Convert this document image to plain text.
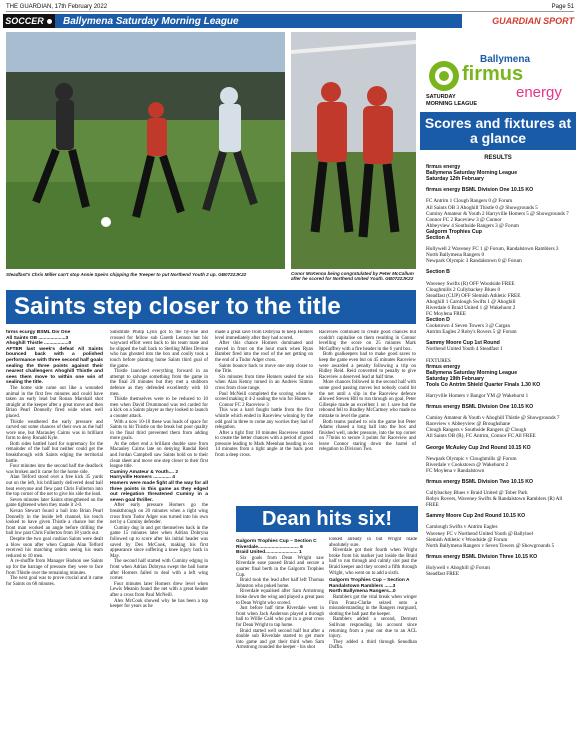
THE GUARDIAN, 17th February 2022	Page 51
SOCCER	Ballymena Saturday Morning League	GUARDIAN SPORT
Steadfast's Chris Miller can't stop Annie Speirs chipping the 'Keeper to put Northend Youth 2 up. GB0722JK22	Conor McKenna being congratulated by Peter McCallum after he scored for Northend United Youth. GB0722JK22
Saints step closer to the title

firms ecurgy BSML Div One

All Saints OB ....................3

Ahoghill Thistle ..................0

AFTER last week's defeat All Saints bounced back with a polished performance with three second half goals sealing the three points against their nearest challengers Ahoghill Thistle and sees them move to within one win of sealing the title.

The home side came out like a wounded animal in the first few minutes and could have taken an early lead but Ronan Marshall shot straight at the keeper after a great move and then Brian Pearl Donnelly fired wide when well placed.

Thistle weathered the early pressure and carved out some chances of their own as the half wore one, but Macauley Cairns was in brilliant form to deny Ronald Kyle.

Both sides battled hard for supremacy for the remainder of the half but neither could get the breakthrough with Saints edging the territorial battle.

Four minutes into the second half the deadlock was broken and it came for the home side.

Alan Telford stood over a free kick 35 yards out on the left, his brilliantly delivered dead ball beat everyone and flew past Chris Fullerton into the top corner of the net to give his side the lead.

Seven minutes later Saints strengthened on the game tightened when they made it 2-0.

Kevan Stewart found a ball into Brian Pearl Donnelly in the inside left channel, his touch looked to have given Thistle a chance but the front man worked an angle before drilling the ball low past Chris Fullerton from 18 yards out.

Despite the two goal cushion Saints were dealt a blow soon after when Captain Alan Telford received his marching orders seeing his team reduced to 10 men.

A re-shuffle from Manager Hodson see Saints up for the barrage of pressure they were to face from Thistle over the remaining minutes.

The next goal was to prove crucial and it came for Saints on 68 minutes.

Substitute Philip Lynn got to the by-line and crossed for fellow sub Gareth Lennon but his wayward effort went back to his team mate and he slipped the ball back to Sterling Miles Devine who has ghosted into the box and coolly took a touch before planting home Saints third goal of the game.

Thistle launched everything forward in an attempt to salvage something from the game in the final 20 minutes but they met a stubborn defence as they defended excellently with 10 men.

Thistle themselves were to be reduced to 10 men when David Drummond was red carded for a kick on a Saints player as they looked to launch a counter attack.

With a now 10-10 these was loads of space for Saints to hit Thistle on the break but poor quality in the final third prevented them from adding more goals.

At the other end a brilliant double save from Macauley Cairns late on denying Randal Reid and Jordan Campbell saw Saints hold on to their clean sheet and move one step closer to their first league title.

Cuminy Amateur & Youth.... 2

Harryville Homers ............. 4

Homers were made fight all the way for all three points in this game as they edged out relegation threatened Cuminy in a seven goal thriller.

After early pressure Homers go the breakthrough on 20 minutes when a right wing cross from Tudor Adger was turned into his own net by a Cuminy defender.

Cuminy dug in and got themselves back in the game 15 minutes later when Adrian Dobryna followed up to score after his initial header was saved by Dex McCook, making his first appearance since suffering a knee injury back in May.

The second half started with Cuminy edging in front when Adrian Dobryna swept the ball home after Homers failed to deal with a left wing corner.

Four minutes later Homers drew level when Lewis Meanin found the net with a great header after a cross from Paul McNeill.

Alex McCook showed why he has been a top keeper for years as he

made a great save from Dobryna to keep Homers level immediately after they had scored.

After this chance Homers dominated and moved in front on the hour mark when Ryan Bamber fired into the roof of the net getting on the end of a Tudor Adger cross.

Saints bounce back to move one step closer to the Title.

Six minutes from time Homers sealed the win when Alan Kenny turned in an Andrew Simms cross from close range.

Paul McNeill completed the scoring when he scored making it 4-2 sealing the win for Homers.

Connor FC 2 Raceview 3

This was a hard fought battle from the first whistle which ended in Raceview winning by the odd goal in three to come any worries they had of relegation.

After a tight first 10 minutes Raceview started to create the better chances with a period of good pressure leading to Mark Meenhan heading in on 14 minutes from a tight angle at the back post from a deep cross.

Raceview continued to create good chances but couldn't capitalise on them resulting in Connor levelling the score on 25 minutes Mark McGaffrey with a fire header in the 6 yard box.

Both goalkeepers had to make good saves to keep the game even but on 45 minutes Raceview were awarded a penalty following a trip on Ridley Reid. Reid converted to penalty to give Raceview a deserved lead at half time.

More chances followed in the second half with some good passing moves but nobody could hit the net until a slip in the Raceview defence allowed Steven Hill to run through on goal, Peter Gillespie made an excellent 1 on 1 save but the rebound fell to Bradley McCartney who made no mistake to level the game.

Both teams pushed to win the game but Peter Adams chased a long ball into the box and finished well, under pressure, into the top corner on 77mins to secure 3 points for Raceview and leave Connor staring down the barrel of relegation to Division Two.

Dean hits six!

Galgorm Trophies Cup – Section C

Riverdale.............................. 6

Braid United........................ 1

Six goals from Dean Wright saw Riverdale ease passed Braid and secure a quarter final berth in the Galgorm Trophies Cup.

Braid took the lead after half left Thomas Johnston who poked home.

Riverdale equalised after Sam Armstrong broke down the wing and played a great pass to Dean Wright who scored.

Just before half time Riverdale went in front when Jack Anderson played a through ball to Willie Cald who put in a great cross for Dean Wright to tap home.

Braid started well second half but after a double sub Riverdale started to get more into game and got their third when Sam Armstrong rounded the keeper - his shot

looked already in but Wright made absolutely sure.

Riverdale got their fourth when Wright broke from his marker just inside the Braid half to run through and calmly slot past the Braid keeper and they scored a fifth through Wright, who went on to add a sixth.

Galgorm Trophies Cup – Section A

Randalstown Ramblers ......3

North Ballymena Rangers...0

Ramblers got the vital break when winger Finn Franz-Clarke seized onto a misunderstanding in the Rangers rearguard, slotting the ball past the keeper.

Ramblers added a second, Dermott Sullivan responding his account since returning from a year out due to an ACL injury.

They added a third through Senudhan Duffin.

Ballymena
firmus
energy
SATURDAY
MORNING LEAGUE
Scores and fixtures at a glance
RESULTS
firmus energy
Ballymena Saturday Morning League
Saturday 12th February
firmus energy BSML Division One 10.15 KO
FC Antrim 1 Clough Rangers 0 @ Forum
All Saints OB 3 Ahoghill Thistle 0 @ Showgrounds 5
Cuminy Amateur & Youth 2 Harryville Homers 5 @ Showgrounds 7
Connor FC 2 Raceview 3 @ Connor
Abbeyview 4 Southside Rangers 3 @ Forum
Galgorm Trophies Cup
Section A
Hollywell 2 Waveney FC 1 @ Forum, Randalstown Ramblers 3 North Ballymena Rangers 0
Newpark Olympic 3 Randalstown 0 @ Forum
Section B
Waveney Swifts (R) OFF Woodside FREE
Cloughmills 2 Cullybackey Blues 0
Steadfast (CUP) OFF Slemish Athletic FREE
Ahoghill 1 Carnlough Swifts 1 @ Ahoghill
Riverdale 6 Braid United 1 @ Wakehurst 2
FC Moylena FREE
Section D
Cookstown 4 Seven Towers 3 @ Cargan
Antrim Eagles 2 Roby's Rovers 5 @ Forum
Sammy Moore Cup 1st Round
Northend United Youth 4 Steadfast 1
FIXTURES
firmus energy
Ballymena Saturday Morning League
Saturday 19th February
Tools Co Antrim Shield Quarter Finals 1.30 KO
Harryville Homers v Bangor YM @ Wakehurst 1
firmus energy BSML Division One 10.15 KO
Cuminy Amateur & Youth v Ahoghill Thistle @ Showgrounds 7
Raceview v Abbeyview @ Broughshane
Clough Rangers v Southside Rangers @ Clough
All Saints OB (R), FC Antrim, Connor FC All FREE
George McAuley Cup 2nd Round 10.15 KO
Newpark Olympic v Cloughmills @ Forum
Riverdale v Cookstown @ Wakehurst 2
FC Moylena v Randalstown
firmus energy BSML Division Two 10.15 KO
Cullybackey Blues v Braid United @ Tober Park
Robys Rovers, Waveney Swifts & Randalstown Ramblers (R) All FREE
Sammy Moore Cup 2nd Round 10.15 KO
Carnlough Swifts v Antrim Eagles
Waveney FC v Northend United Youth @ Ballyloel
Slemish Athletic v Woodside @ Forum
North Ballymena Rangers v Seven Towers @ Showgrounds 5
firmus energy BSML Division Three 10.15 KO
Holywell v Ahoghill @ Forum
Steadfast FREE
